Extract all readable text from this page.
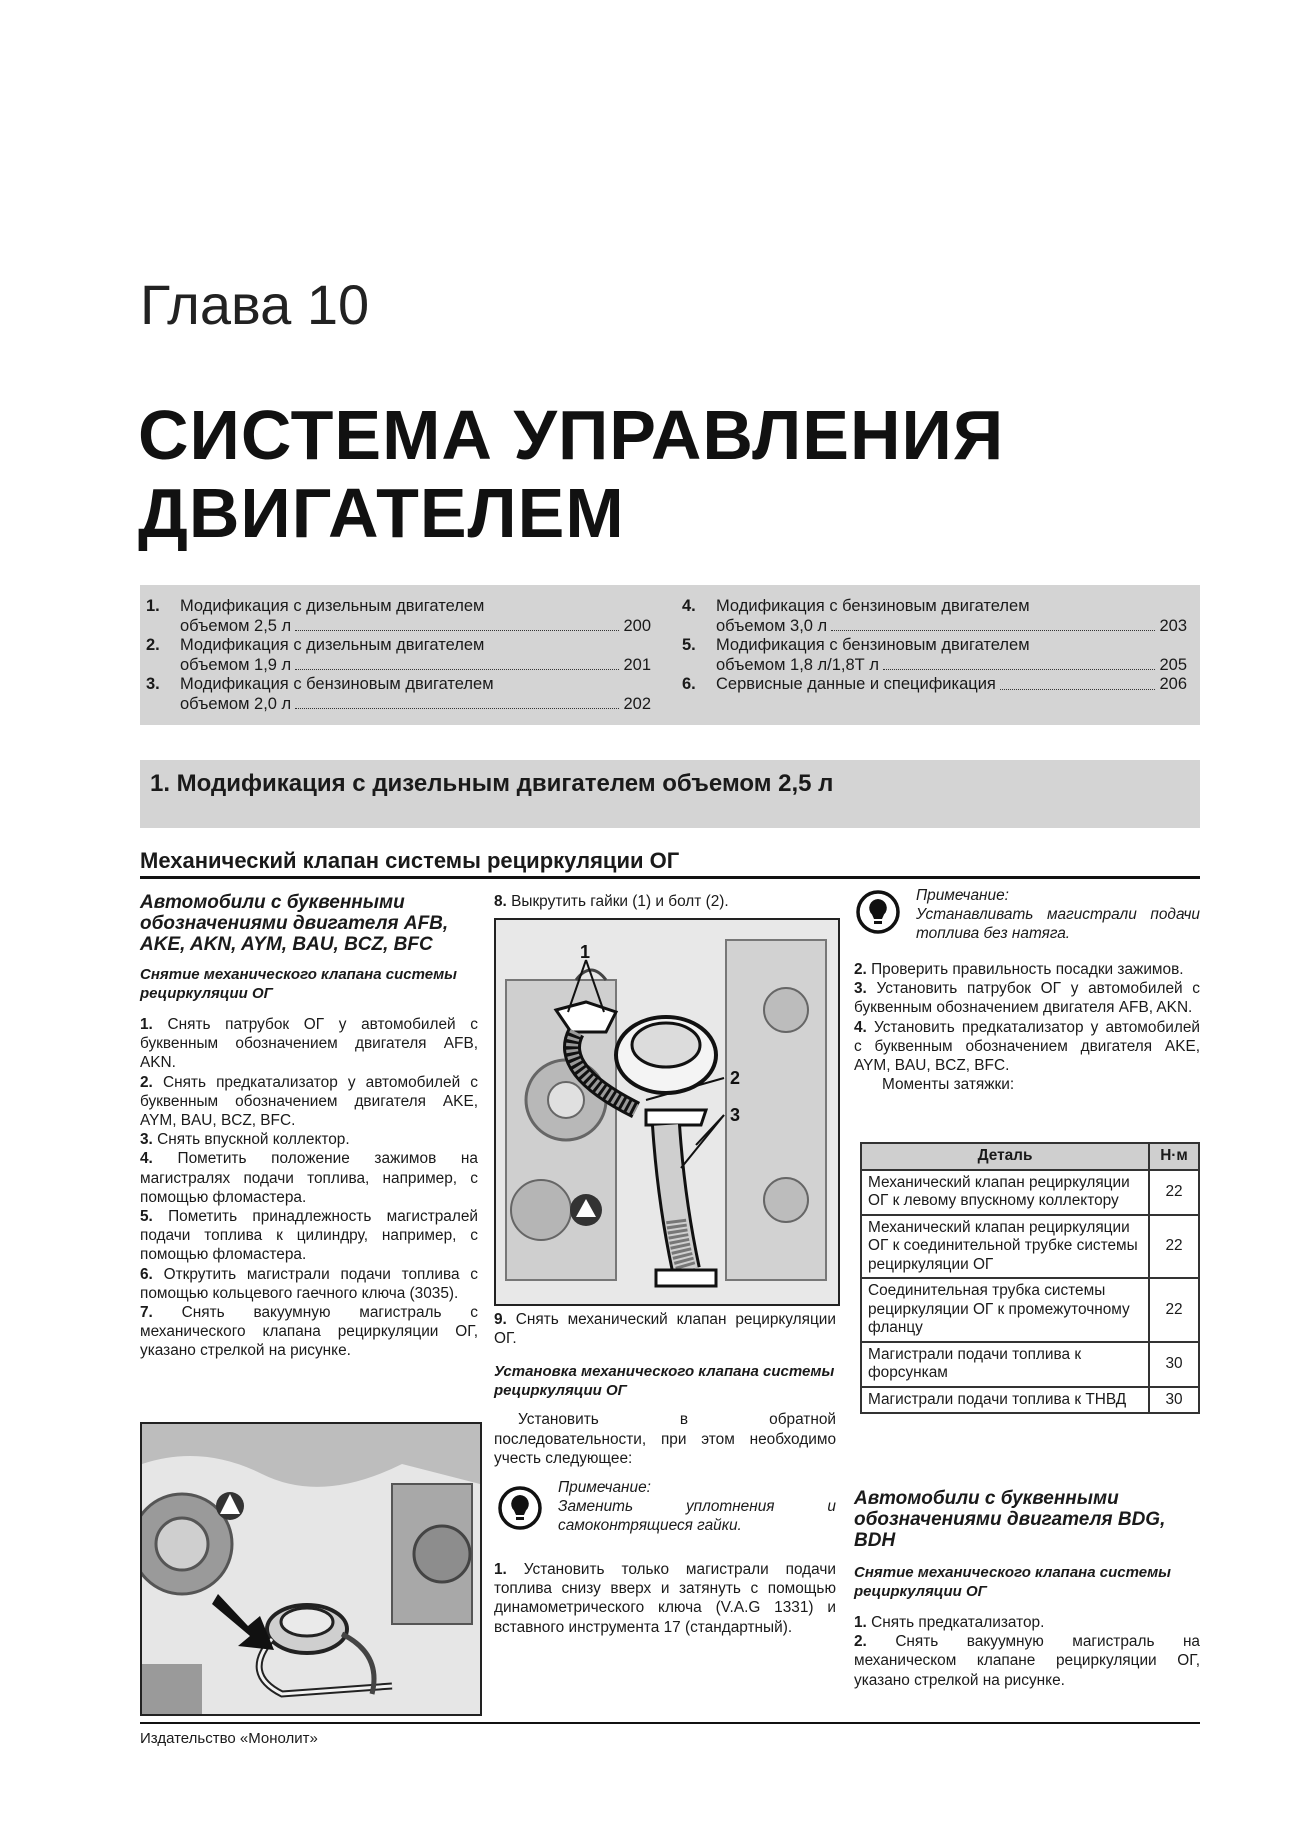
Глава 10
СИСТЕМА УПРАВЛЕНИЯ
ДВИГАТЕЛЕМ
1.	Модификация с дизельным двигателем
объемом 2,5 л	200
2.	Модификация с дизельным двигателем
объемом 1,9 л	201
3.	Модификация с бензиновым двигателем
объемом 2,0 л	202
4.	Модификация с бензиновым двигателем
объемом 3,0 л	203
5.	Модификация с бензиновым двигателем
объемом 1,8 л/1,8Т л	205
6.	Сервисные данные и спецификация	206
1. Модификация с дизельным двигателем объемом 2,5 л
Механический клапан системы рециркуляции ОГ

Автомобили с буквенными обозначениями двигателя AFB, AKE, AKN, AYM, BAU, BCZ, BFC

Снятие механического клапана системы рециркуляции ОГ

1. Снять патрубок ОГ у автомобилей с буквенным обозначением двигателя AFB, AKN.

2. Снять предкатализатор у автомобилей с буквенным обозначением двигателя AKE, AYM, BAU, BCZ, BFC.

3. Снять впускной коллектор.

4. Пометить положение зажимов на магистралях подачи топлива, например, с помощью фломастера.

5. Пометить принадлежность магистралей подачи топлива к цилиндру, например, с помощью фломастера.

6. Открутить магистрали подачи топлива с помощью кольцевого гаечного ключа (3035).

7. Снять вакуумную магистраль с механического клапана рециркуляции ОГ, указано стрелкой на рисунке.

8. Выкрутить гайки (1) и болт (2).

1
2
3

9. Снять механический клапан рециркуляции ОГ.

Установка механического клапана системы рециркуляции ОГ

Установить в обратной последовательности, при этом необходимо учесть следующее:

Примечание:

Заменить уплотнения и самоконтрящиеся гайки.

1. Установить только магистрали подачи топлива снизу вверх и затянуть с помощью динамометрического ключа (V.A.G 1331) и вставного инструмента 17 (стандартный).

Примечание:

Устанавливать магистрали подачи топлива без натяга.

2. Проверить правильность посадки зажимов.

3. Установить патрубок ОГ у автомобилей с буквенным обозначением двигателя AFB, AKN.

4. Установить предкатализатор у автомобилей с буквенным обозначением двигателя AKE, AYM, BAU, BCZ, BFC.

Моменты затяжки:

Деталь	Н·м
Механический клапан рециркуляции ОГ к левому впускному коллектору	22
Механический клапан рециркуляции ОГ к соединительной трубке системы рециркуляции ОГ	22
Соединительная трубка системы рециркуляции ОГ к промежуточному фланцу	22
Магистрали подачи топлива к форсункам	30
Магистрали подачи топлива к ТНВД	30

Автомобили с буквенными обозначениями двигателя BDG, BDH

Снятие механического клапана системы рециркуляции ОГ

1. Снять предкатализатор.

2. Снять вакуумную магистраль на механическом клапане рециркуляции ОГ, указано стрелкой на рисунке.

Издательство «Монолит»
